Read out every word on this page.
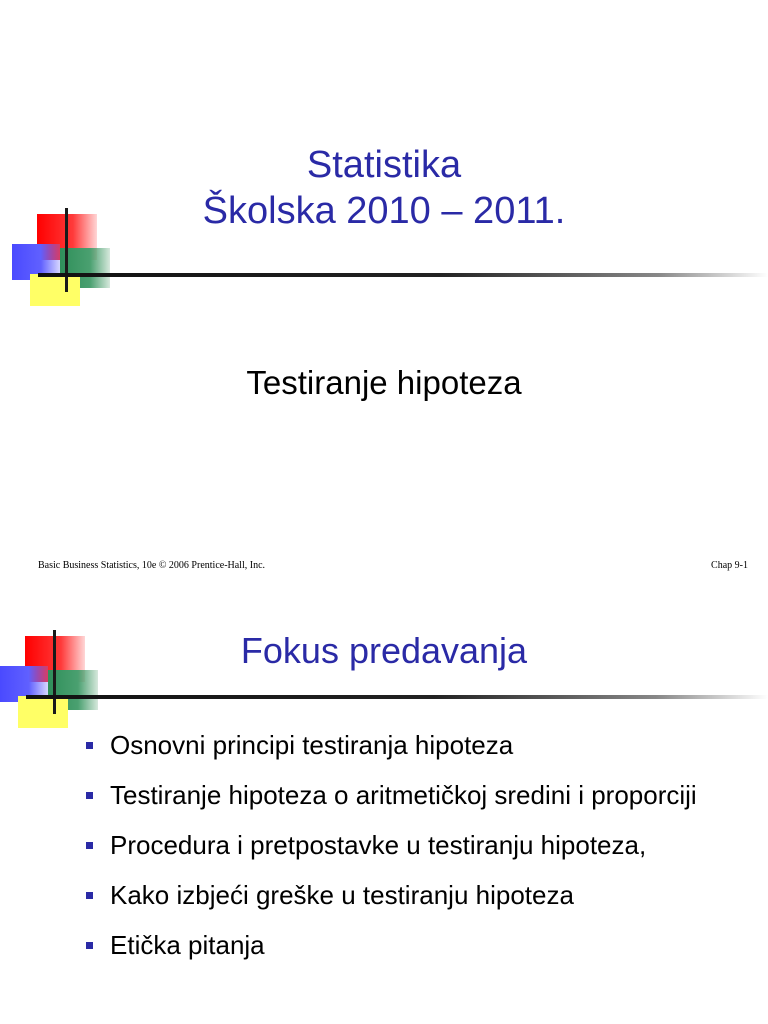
Statistika
Školska 2010 – 2011.
Testiranje hipoteza
Basic Business Statistics, 10e © 2006 Prentice-Hall, Inc.	Chap 9-1
Fokus predavanja
Osnovni principi testiranja hipoteza
Testiranje hipoteza o aritmetičkoj sredini i proporciji
Procedura i pretpostavke u testiranju hipoteza,
Kako izbjeći greške u testiranju hipoteza
Etička pitanja
